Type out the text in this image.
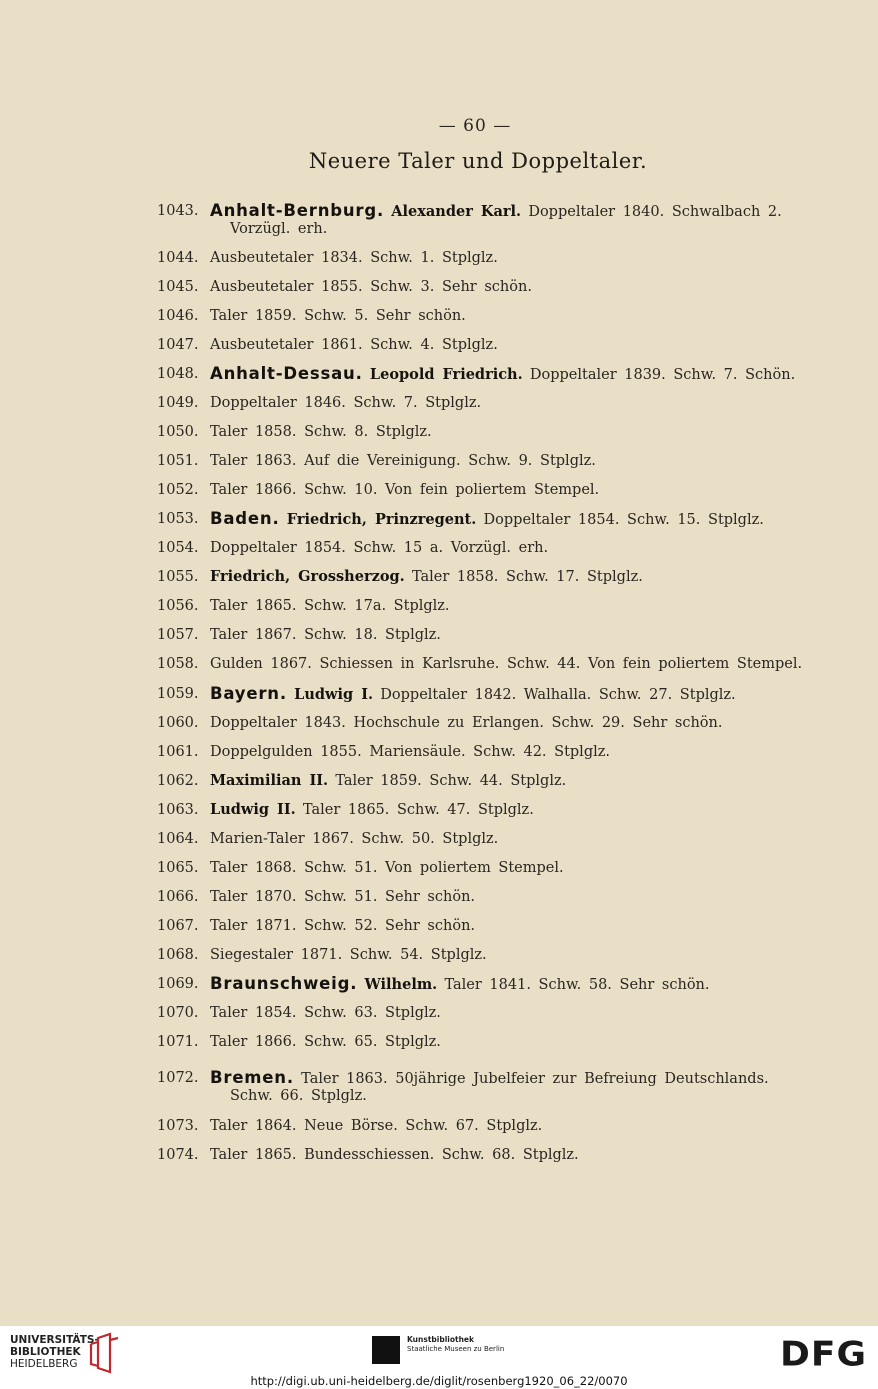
— 60 —
Neuere Taler und Doppeltaler.
1043. Anhalt-Bernburg.  Alexander Karl.  Doppeltaler 1840. Schwalbach 2.
Vorzügl. erh.
1044. Ausbeutetaler 1834. Schw. 1. Stplglz.
1045. Ausbeutetaler 1855. Schw. 3. Sehr schön.
1046. Taler 1859. Schw. 5. Sehr schön.
1047. Ausbeutetaler 1861. Schw. 4. Stplglz.
1048. Anhalt-Dessau.  Leopold Friedrich.  Doppeltaler 1839. Schw. 7. Schön.
1049. Doppeltaler 1846. Schw. 7. Stplglz.
1050. Taler 1858. Schw. 8. Stplglz.
1051. Taler 1863. Auf die Vereinigung. Schw. 9. Stplglz.
1052. Taler 1866. Schw. 10. Von fein poliertem Stempel.
1053. Baden.  Friedrich, Prinzregent.  Doppeltaler 1854. Schw. 15. Stplglz.
1054. Doppeltaler 1854. Schw. 15 a. Vorzügl. erh.
1055. Friedrich, Grossherzog.  Taler 1858. Schw. 17. Stplglz.
1056. Taler 1865. Schw. 17a. Stplglz.
1057. Taler 1867. Schw. 18. Stplglz.
1058. Gulden 1867. Schiessen in Karlsruhe. Schw. 44. Von fein poliertem Stempel.
1059. Bayern.  Ludwig I.  Doppeltaler 1842. Walhalla. Schw. 27. Stplglz.
1060. Doppeltaler 1843. Hochschule zu Erlangen. Schw. 29. Sehr schön.
1061. Doppelgulden 1855. Mariensäule. Schw. 42. Stplglz.
1062. Maximilian II.  Taler 1859. Schw. 44. Stplglz.
1063. Ludwig II.  Taler 1865. Schw. 47. Stplglz.
1064. Marien-Taler 1867. Schw. 50. Stplglz.
1065. Taler 1868. Schw. 51. Von poliertem Stempel.
1066. Taler 1870. Schw. 51. Sehr schön.
1067. Taler 1871. Schw. 52. Sehr schön.
1068. Siegestaler 1871. Schw. 54. Stplglz.
1069. Braunschweig.  Wilhelm.  Taler 1841. Schw. 58. Sehr schön.
1070. Taler 1854. Schw. 63. Stplglz.
1071. Taler 1866. Schw. 65. Stplglz.
1072. Bremen.  Taler 1863. 50jährige Jubelfeier zur Befreiung Deutschlands.
Schw. 66. Stplglz.
1073. Taler 1864. Neue Börse. Schw. 67. Stplglz.
1074. Taler 1865. Bundesschiessen. Schw. 68. Stplglz.
UNIVERSITÄTS-
BIBLIOTHEK
HEIDELBERG
Kunstbibliothek
Staatliche Museen zu Berlin	DFG
http://digi.ub.uni-heidelberg.de/diglit/rosenberg1920_06_22/0070
